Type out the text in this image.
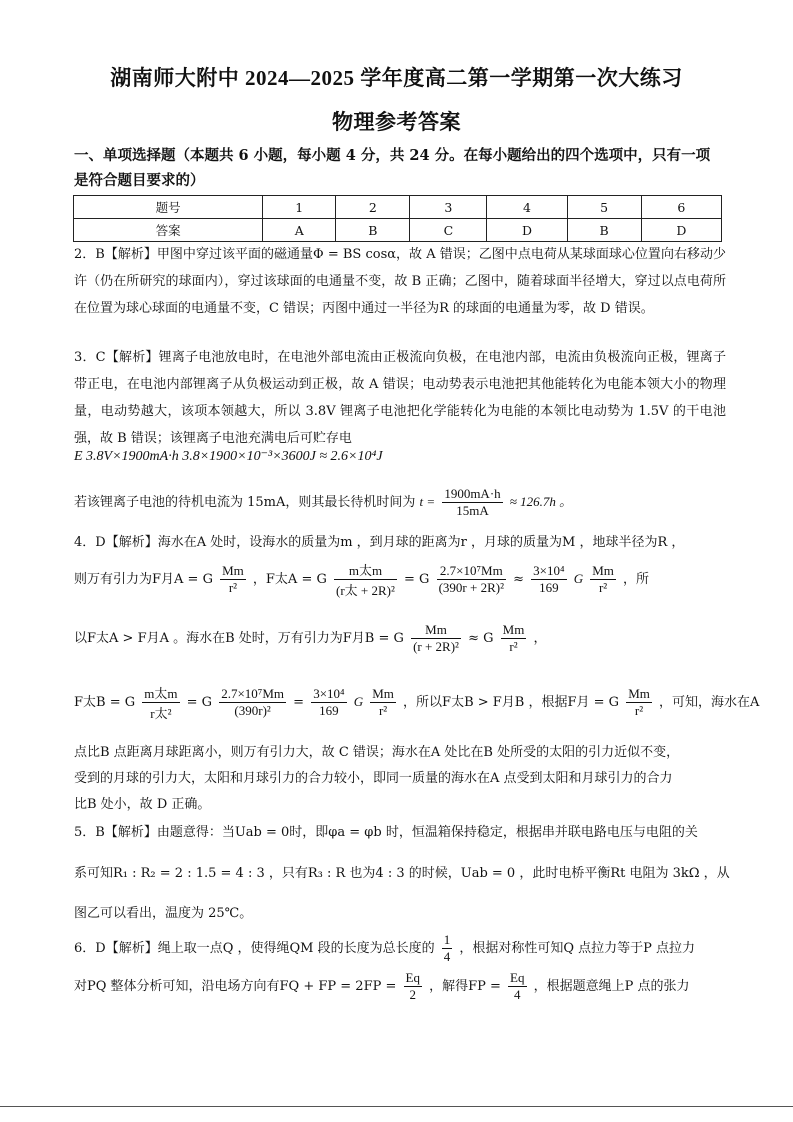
湖南师大附中 2024—2025 学年度高二第一学期第一次大练习
物理参考答案
一、单项选择题（本题共 6 小题，每小题 4 分，共 24 分。在每小题给出的四个选项中，只有一项是符合题目要求的）
题号	1	2	3	4	5	6
答案	A	B	C	D	B	D
2．B【解析】甲图中穿过该平面的磁通量Φ = BS cosα，故 A 错误；乙图中点电荷从某球面球心位置向右移动少许（仍在所研究的球面内），穿过该球面的电通量不变，故 B 正确；乙图中，随着球面半径增大，穿过以点电荷所在位置为球心球面的电通量不变，C 错误；丙图中通过一半径为R 的球面的电通量为零，故 D 错误。
3．C【解析】锂离子电池放电时，在电池外部电流由正极流向负极，在电池内部，电流由负极流向正极，锂离子带正电，在电池内部锂离子从负极运动到正极，故 A 错误；电动势表示电池把其他能转化为电能本领大小的物理量，电动势越大，该项本领越大，所以 3.8V 锂离子电池把化学能转化为电能的本领比电动势为 1.5V 的干电池强，故 B 错误；该锂离子电池充满电后可贮存电
E 3.8V×1900mA·h 3.8×1900×10⁻³×3600J ≈ 2.6×10⁴J
若该锂离子电池的待机电流为 15mA，则其最长待机时间为 $t = \frac{1900mA\cdot h}{15mA} \approx 126.7h$ 。
4．D【解析】海水在A 处时，设海水的质量为m ，到月球的距离为r ，月球的质量为M ，地球半径为R ，
则万有引力为F月A = G $\frac{Mm}{\text{r²}}$ ，F太A = G $\frac{\text{m太m}}{\text{(r太 + 2R)²}} = G \frac{\text{2.7×10⁷Mm}}{\text{(390r + 2R)²}} \approx \frac{\text{3×10⁴}}{169}$ G $\frac{Mm}{\text{r²}}$ ，所
以F太A > F月A 。海水在B 处时，万有引力为F月B = G $\frac{Mm}{\text{(r + 2R)²}} \approx G \frac{Mm}{\text{r²}}$ ，
F太B = G $\frac{\text{m太m}}{\text{r太²}} = G \frac{\text{2.7×10⁷Mm}}{\text{(390r)²}} = \frac{\text{3×10⁴}}{169}$ G $\frac{Mm}{\text{r²}}$ ，所以F太B > F月B ，根据F月 = G $\frac{Mm}{\text{r²}}$ ，可知，海水在A
点比B 点距离月球距离小，则万有引力大，故 C 错误；海水在A 处比在B 处所受的太阳的引力近似不变，
受到的月球的引力大，太阳和月球引力的合力较小，即同一质量的海水在A 点受到太阳和月球引力的合力
比B 处小，故 D 正确。
5．B【解析】由题意得：当Uab = 0时，即φa = φb 时，恒温箱保持稳定，根据串并联电路电压与电阻的关
系可知R₁ : R₂ = 2 : 1.5 = 4 : 3 ，只有R₃ : R 也为4 : 3 的时候，Uab = 0 ，此时电桥平衡Rt 电阻为 3kΩ ，从
图乙可以看出，温度为 25℃。
6．D【解析】绳上取一点Q ，使得绳QM 段的长度为总长度的 $\frac{1}{4}$ ，根据对称性可知Q 点拉力等于P 点拉力
对PQ 整体分析可知，沿电场方向有FQ + FP = $2FP = \frac{Eq}{2}$ ，解得FP = $\frac{Eq}{4}$ ，根据题意绳上P 点的张力
